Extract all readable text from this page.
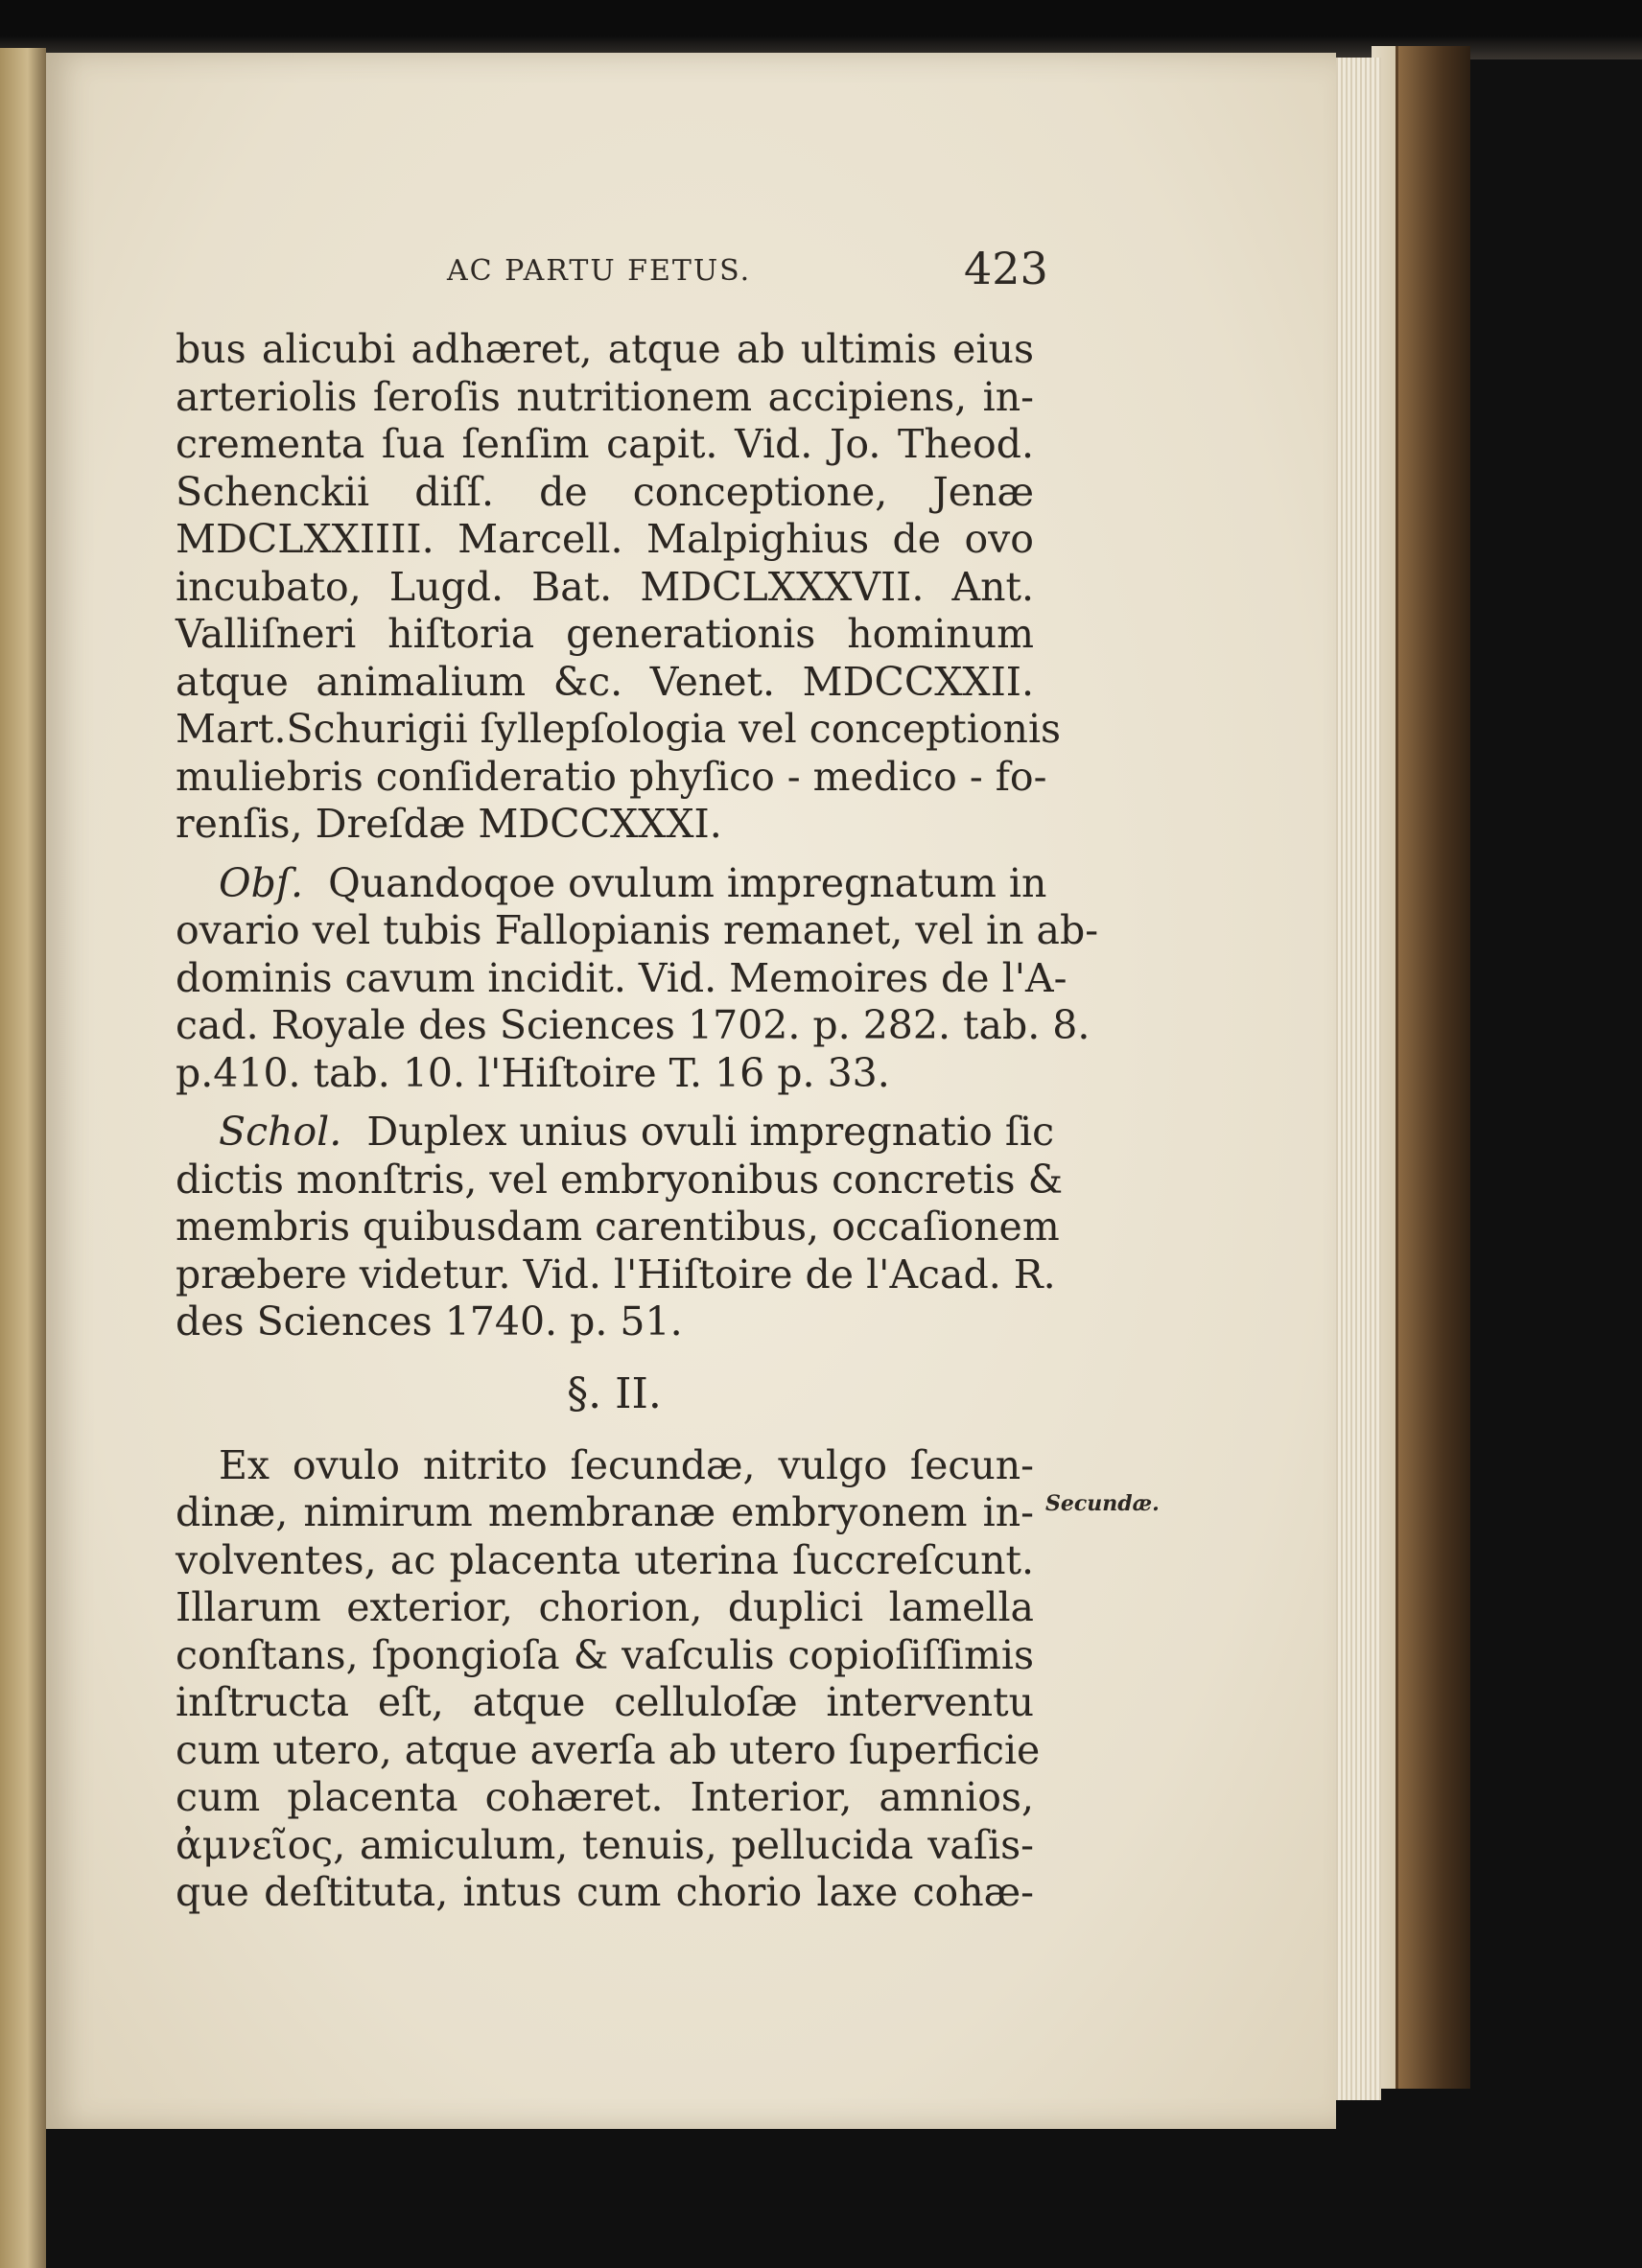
AC PARTU FETUS.	423
bus alicubi adhæret, atque ab ultimis eius
arteriolis ſeroſis nutritionem accipiens, in-
crementa ſua ſenſim capit. Vid. Jo. Theod.
Schenckii diſſ. de conceptione, Jenæ
MDCLXXIIII. Marcell. Malpighius de ovo
incubato, Lugd. Bat. MDCLXXXVII. Ant.
Valliſneri hiſtoria generationis hominum
atque animalium &c. Venet. MDCCXXII.
Mart.Schurigii ſyllepſologia vel conceptionis
muliebris conſideratio phyſico - medico - fo-
renſis, Dreſdæ MDCCXXXI.
Obſ. Quandoqoe ovulum impregnatum in
ovario vel tubis Fallopianis remanet, vel in ab-
dominis cavum incidit. Vid. Memoires de l'A-
cad. Royale des Sciences 1702. p. 282. tab. 8.
p.410. tab. 10. l'Hiſtoire T. 16 p. 33.
Schol. Duplex unius ovuli impregnatio ſic
dictis monſtris, vel embryonibus concretis &
membris quibusdam carentibus, occaſionem
præbere videtur. Vid. l'Hiſtoire de l'Acad. R.
des Sciences 1740. p. 51.
§. II.
Ex ovulo nitrito ſecundæ, vulgo ſecun-
dinæ, nimirum membranæ embryonem in-
volventes, ac placenta uterina ſuccreſcunt.
Illarum exterior, chorion, duplici lamella
conſtans, ſpongioſa & vaſculis copioſiſſimis
inſtructa eſt, atque celluloſæ interventu
cum utero, atque averſa ab utero ſuperficie
cum placenta cohæret. Interior, amnios,
ἀμνεῖος, amiculum, tenuis, pellucida vaſis-
que deſtituta, intus cum chorio laxe cohæ-
Secundæ.
